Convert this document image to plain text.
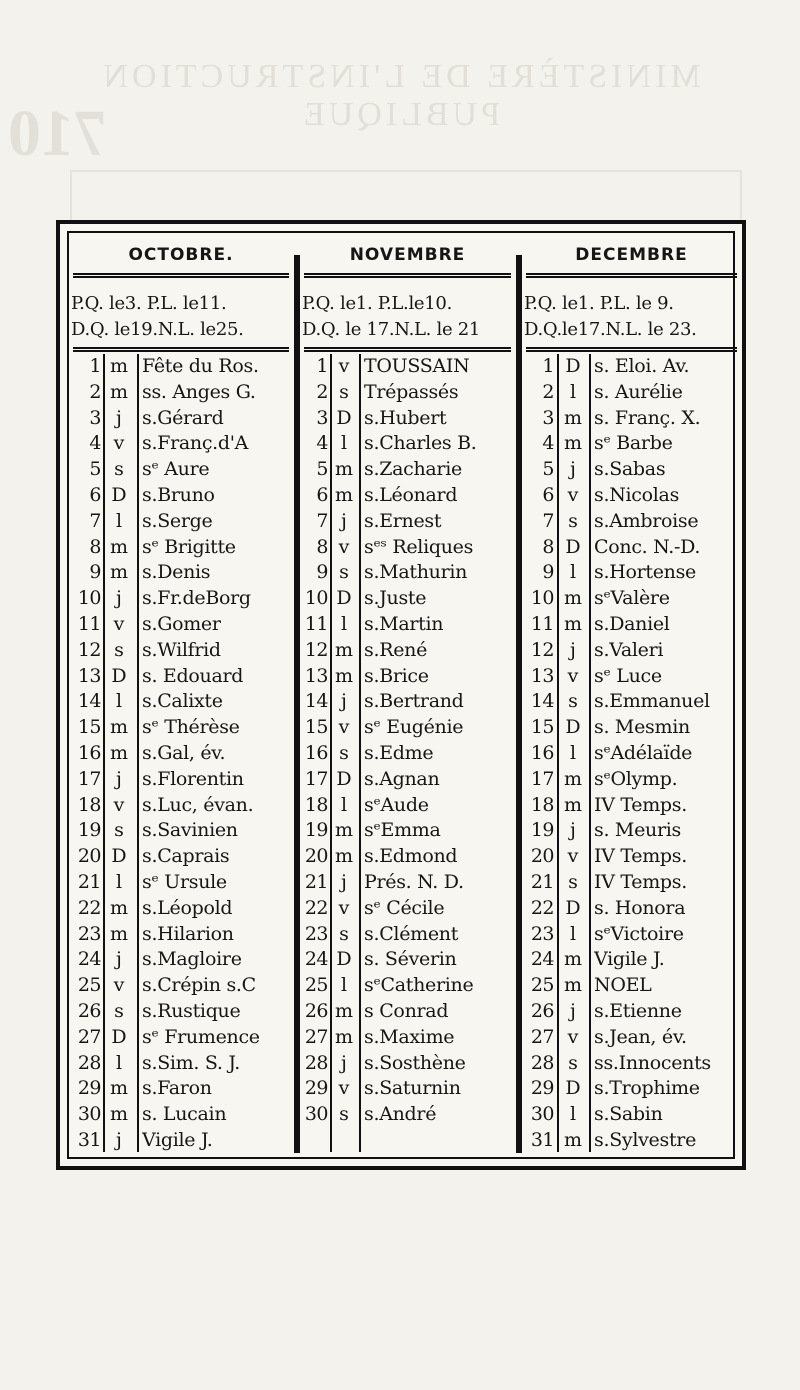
MINISTÈRE DE L'INSTRUCTION PUBLIQUE
710
OCTOBRE.
P.Q. le3. P.L. le11.
D.Q. le19.N.L. le25.
1 m Fête du Ros.
2 m ss. Anges G.
3 j	s.Gérard
4 v s.Franç.d'A
5 s sᵉ Aure
6 D s.Bruno
7 l	s.Serge
8 m sᵉ Brigitte
9 m s.Denis
10 j	s.Fr.deBorg
11 v s.Gomer
12 s s.Wilfrid
13 D s. Edouard
14 l	s.Calixte
15 m sᵉ Thérèse
16 m s.Gal, év.
17 j	s.Florentin
18 v s.Luc, évan.
19 s s.Savinien
20 D s.Caprais
21 l	sᵉ Ursule
22 m s.Léopold
23 m s.Hilarion
24 j	s.Magloire
25 v s.Crépin s.C
26 s s.Rustique
27 D sᵉ Frumence
28 l	s.Sim. S. J.
29 m s.Faron
30 m s. Lucain
31 j	Vigile J.
NOVEMBRE
P.Q. le1. P.L.le10.
D.Q. le 17.N.L. le 21
1 v TOUSSAIN
2 s Trépassés
3 D s.Hubert
4 l s.Charles B.
5 m s.Zacharie
6 m s.Léonard
7 j s.Ernest
8 v sᵉˢ Reliques
9 s s.Mathurin
10 D s.Juste
11 l s.Martin
12 m s.René
13 m s.Brice
14 j s.Bertrand
15 v sᵉ Eugénie
16 s s.Edme
17 D s.Agnan
18 l sᵉAude
19 m sᵉEmma
20 m s.Edmond
21 j Prés. N. D.
22 v sᵉ Cécile
23 s s.Clément
24 D s. Séverin
25 l sᵉCatherine
26 m s Conrad
27 m s.Maxime
28 j s.Sosthène
29 v s.Saturnin
30 s s.André
DECEMBRE
P.Q. le1. P.L. le 9.
D.Q.le17.N.L. le 23.
1 D s. Eloi. Av.
2 l s. Aurélie
3 m s. Franç. X.
4 m sᵉ Barbe
5 j s.Sabas
6 v s.Nicolas
7 s s.Ambroise
8 D Conc. N.-D.
9 l s.Hortense
10 m sᵉValère
11 m s.Daniel
12 j s.Valeri
13 v sᵉ Luce
14 s s.Emmanuel
15 D s. Mesmin
16 l sᵉAdélaïde
17 m sᵉOlymp.
18 m IV Temps.
19 j s. Meuris
20 v IV Temps.
21 s IV Temps.
22 D s. Honora
23 l sᵉVictoire
24 m Vigile J.
25 m NOEL
26 j s.Etienne
27 v s.Jean, év.
28 s ss.Innocents
29 D s.Trophime
30 l s.Sabin
31 m s.Sylvestre
